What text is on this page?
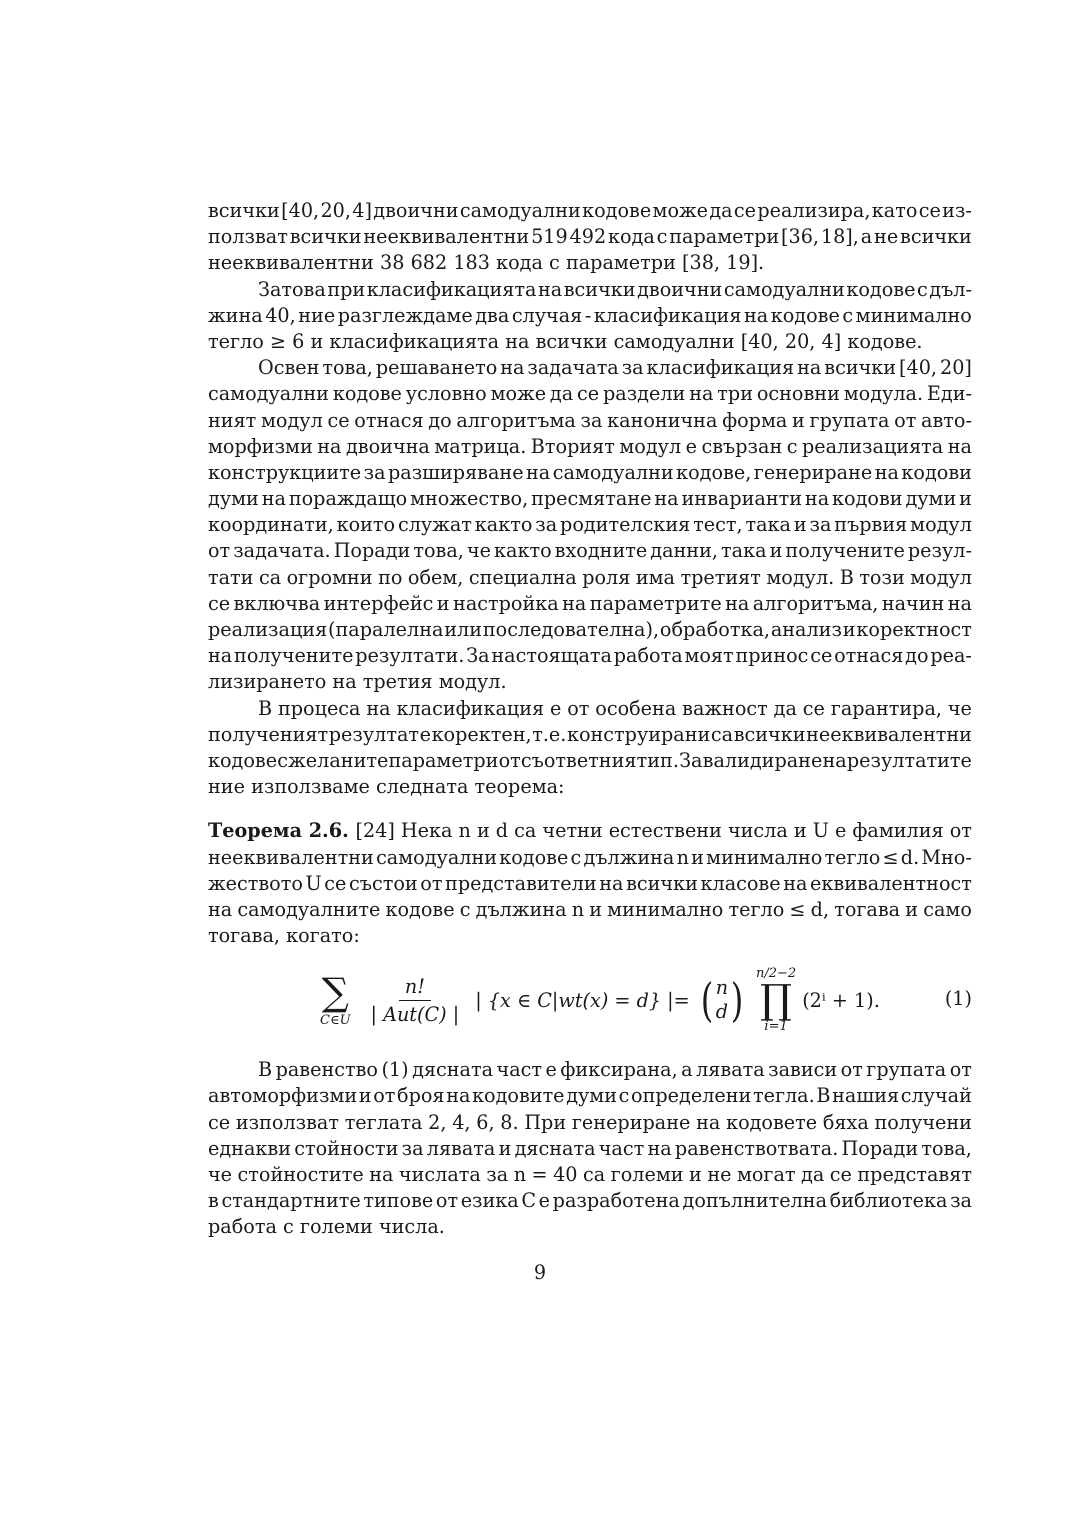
всички [40, 20, 4] двоични самодуални кодове може да се реализира, като се из-
ползват всички нееквивалентни 519 492 кода с параметри [36, 18], а не всички
нееквивалентни 38 682 183 кода с параметри [38, 19].
Затова при класификацията на всички двоични самодуални кодове с дъл-
жина 40, ние разглеждаме два случая - класификация на кодове с минимално
тегло ≥ 6 и класификацията на всички самодуални [40, 20, 4] кодове.
Освен това, решаването на задачата за класификация на всички [40, 20]
самодуални кодове условно може да се раздели на три основни модула. Еди-
ният модул се отнася до алгоритъма за канонична форма и групата от авто-
морфизми на двоична матрица. Вторият модул е свързан с реализацията на
конструкциите за разширяване на самодуални кодове, генериране на кодови
думи на пораждащо множество, пресмятане на инварианти на кодови думи и
координати, които служат както за родителския тест, така и за първия модул
от задачата. Поради това, че както входните данни, така и получените резул-
тати са огромни по обем, специална роля има третият модул. В този модул
се включва интерфейс и настройка на параметрите на алгоритъма, начин на
реализация (паралелна или последователна), обработка, анализ и коректност
на получените резултати. За настоящата работа моят принос се отнася до реа-
лизирането на третия модул.
В процеса на класификация е от особена важност да се гарантира, че
полученият резултат е коректен, т.е. конструирани са всички нееквивалентни
кодове с желаните параметри от съответния тип. За валидиране на резултатите
ние използваме следната теорема:
Теорема 2.6. [24] Нека n и d са четни естествени числа и U е фамилия от
нееквивалентни самодуални кодове с дължина n и минимално тегло ≤ d. Мно-
жеството U се състои от представители на всички класове на еквивалентност
на самодуалните кодове с дължина n и минимално тегло ≤ d, тогава и само
тогава, когато:
∑
C∈U $\frac{n!}{\text{| Aut(C) |}}$ | {x ∈ C|wt(x) = d} |= ( n
d ) n/2−2
∏
i=1
(2ⁱ + 1).	(1)
В равенство (1) дясната част е фиксирана, а лявата зависи от групата от
автоморфизми и от броя на кодовите думи с определени тегла. В нашия случай
се използват теглата 2, 4, 6, 8. При генериране на кодовете бяха получени
еднакви стойности за лявата и дясната част на равенствотвата. Поради това,
че стойностите на числата за n = 40 са големи и не могат да се представят
в стандартните типове от езика C е разработена допълнителна библиотека за
работа с големи числа.
9
